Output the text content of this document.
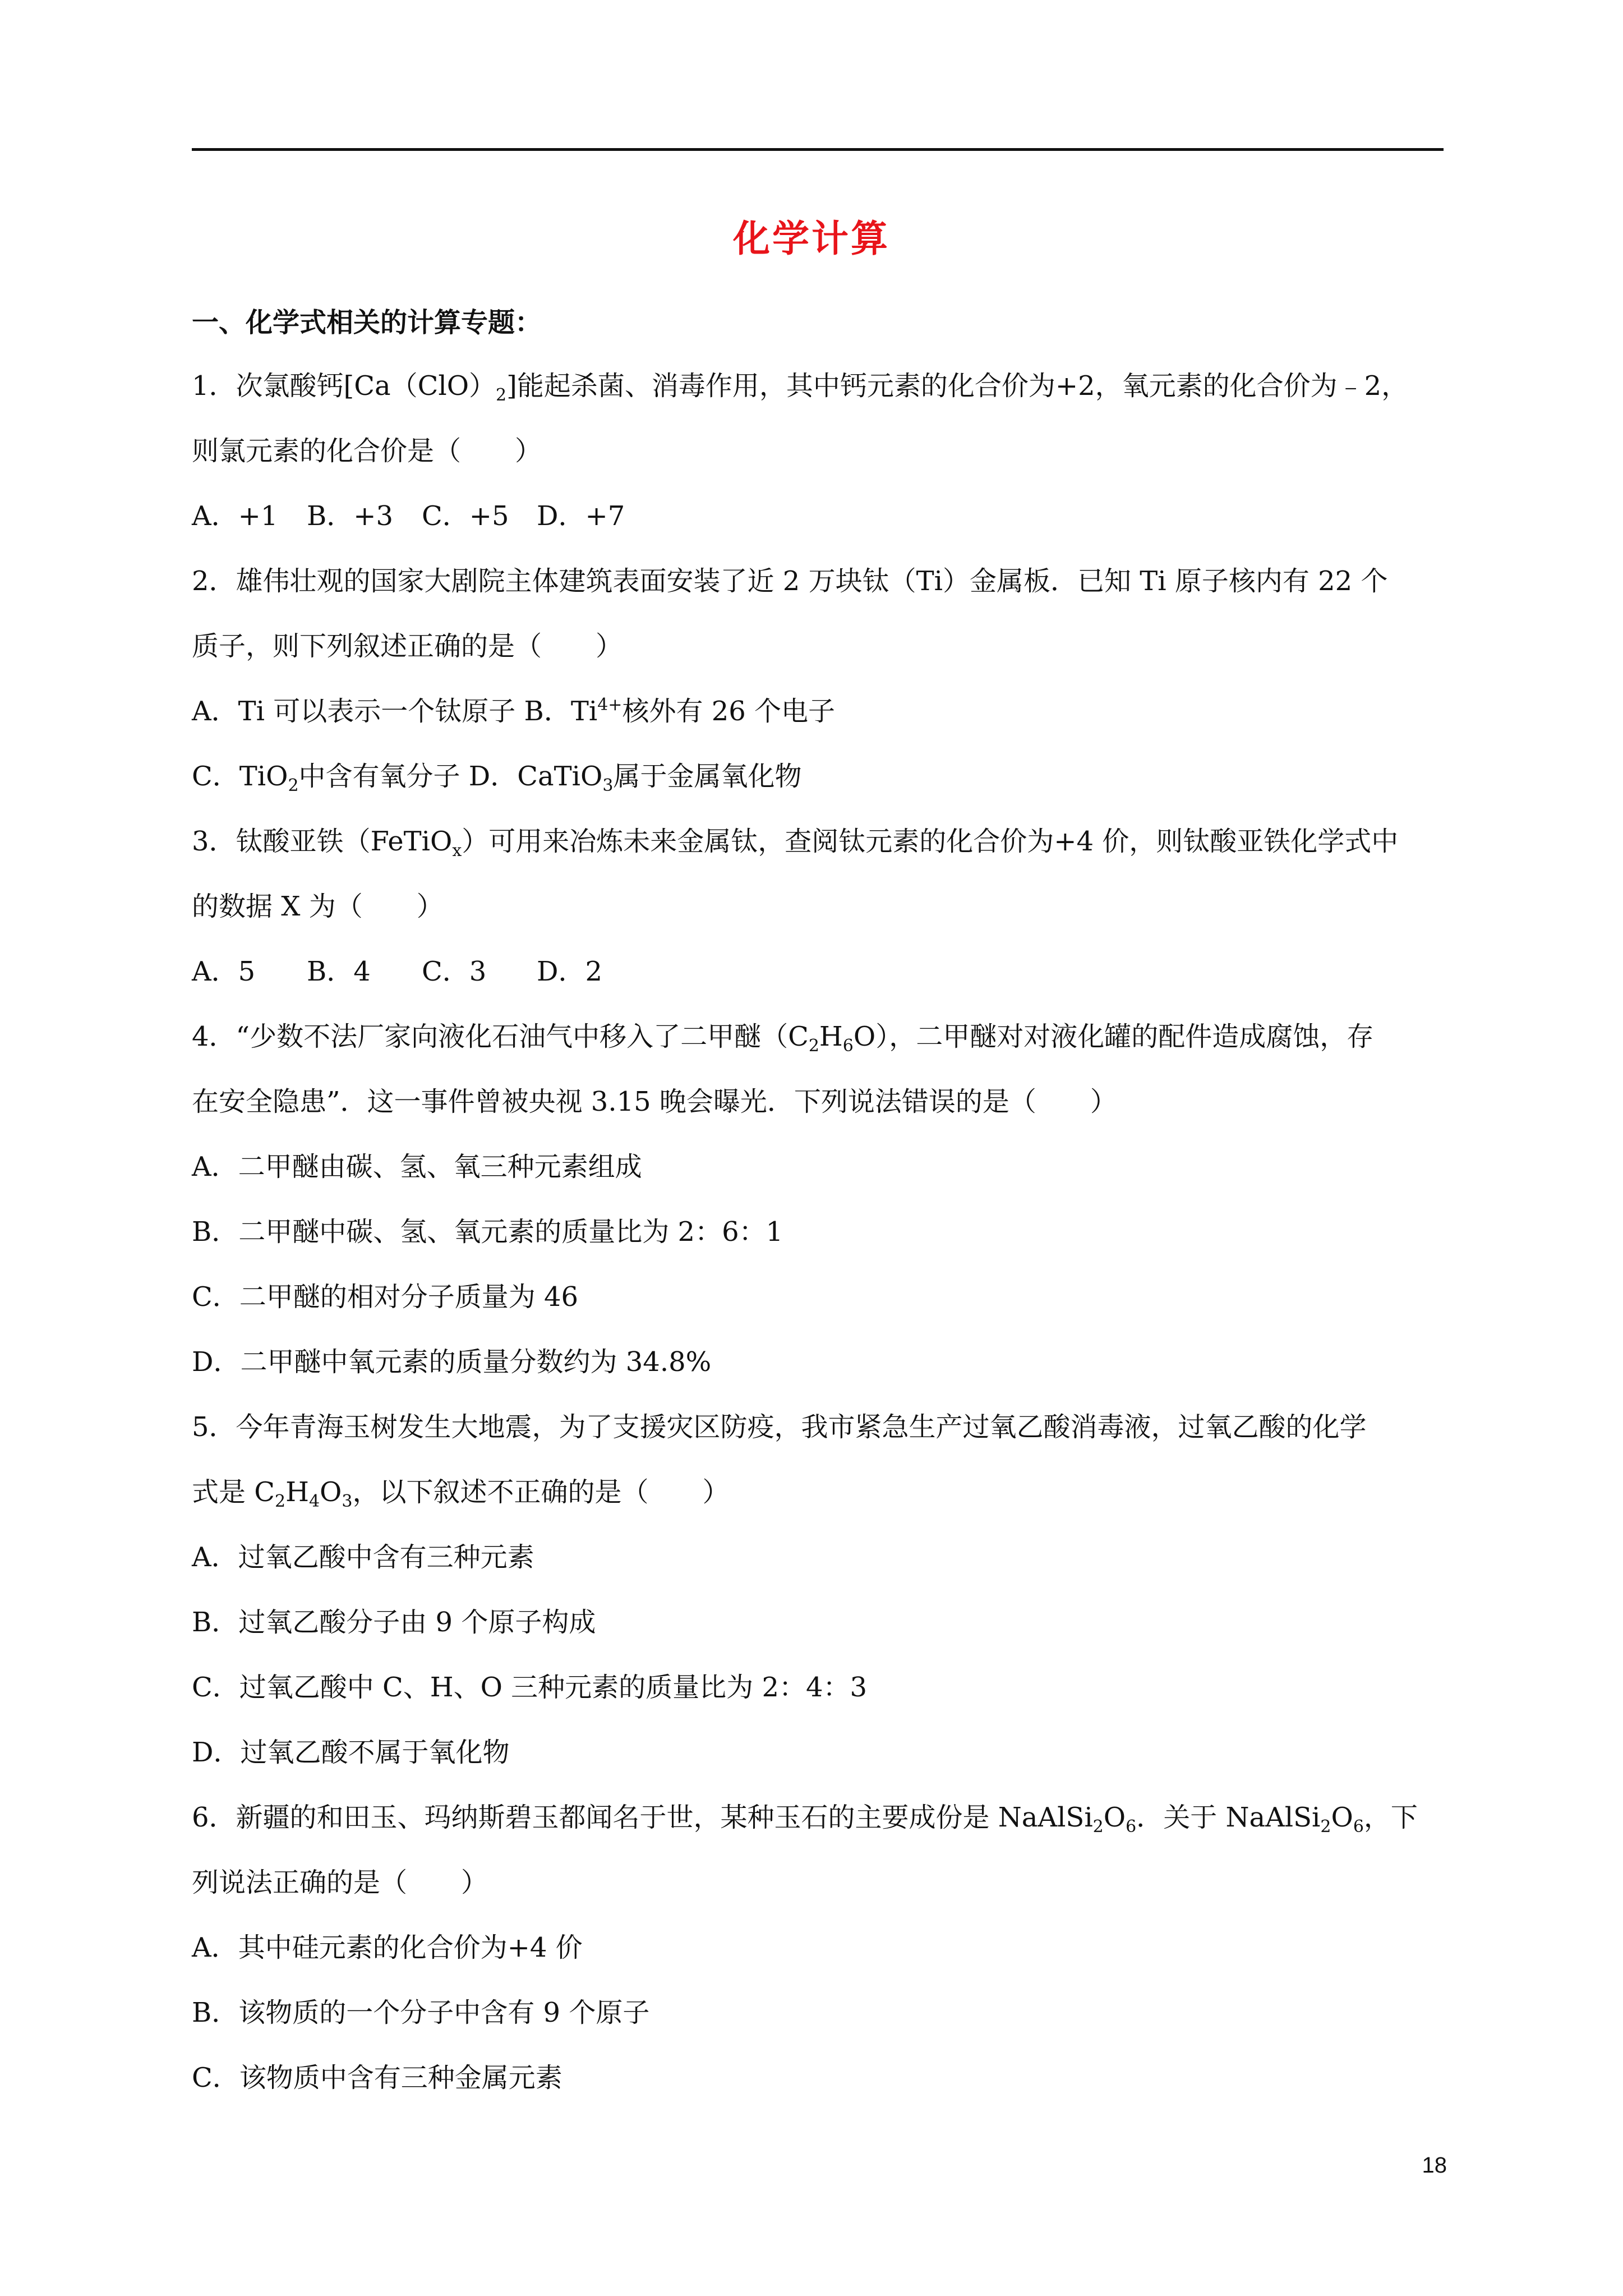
化学计算
一、化学式相关的计算专题：
1．次氯酸钙$[Ca(ClO)_2]$能起杀菌、消毒作用，其中钙元素的化合价为+2，氧元素的化合价为﹣2，
则氯元素的化合价是（　　）
A．+1 B．+3 C．+5 D．+7
2．雄伟壮观的国家大剧院主体建筑表面安装了近 2 万块钛（Ti）金属板．已知 Ti 原子核内有 22 个
质子，则下列叙述正确的是（　　）
A．Ti 可以表示一个钛原子 B．$Ti^{4+}$核外有 26 个电子
C．TiO$_2$中含有氧分子 D．CaTiO$_3$属于金属氧化物
3．钛酸亚铁（FeTiO$_x$）可用来冶炼未来金属钛，查阅钛元素的化合价为+4 价，则钛酸亚铁化学式中
的数据 X 为（　　）
A．5 B．4 C．3 D．2
4．“少数不法厂家向液化石油气中移入了二甲醚$(C_2H_6O)$，二甲醚对对液化罐的配件造成腐蚀，存
在安全隐患”．这一事件曾被央视 3.15 晚会曝光．下列说法错误的是（　　）
A．二甲醚由碳、氢、氧三种元素组成
B．二甲醚中碳、氢、氧元素的质量比为 2：6：1
C．二甲醚的相对分子质量为 46
D．二甲醚中氧元素的质量分数约为 34.8%
5．今年青海玉树发生大地震，为了支援灾区防疫，我市紧急生产过氧乙酸消毒液，过氧乙酸的化学
式是 $C_2H_4O_3$，以下叙述不正确的是（　　）
A．过氧乙酸中含有三种元素
B．过氧乙酸分子由 9 个原子构成
C．过氧乙酸中 C、H、O 三种元素的质量比为 2：4：3
D．过氧乙酸不属于氧化物
6．新疆的和田玉、玛纳斯碧玉都闻名于世，某种玉石的主要成份是 $NaAlSi_2O_6$．关于 $NaAlSi_2O_6$，下
列说法正确的是（　　）
A．其中硅元素的化合价为+4 价
B．该物质的一个分子中含有 9 个原子
C．该物质中含有三种金属元素
18
